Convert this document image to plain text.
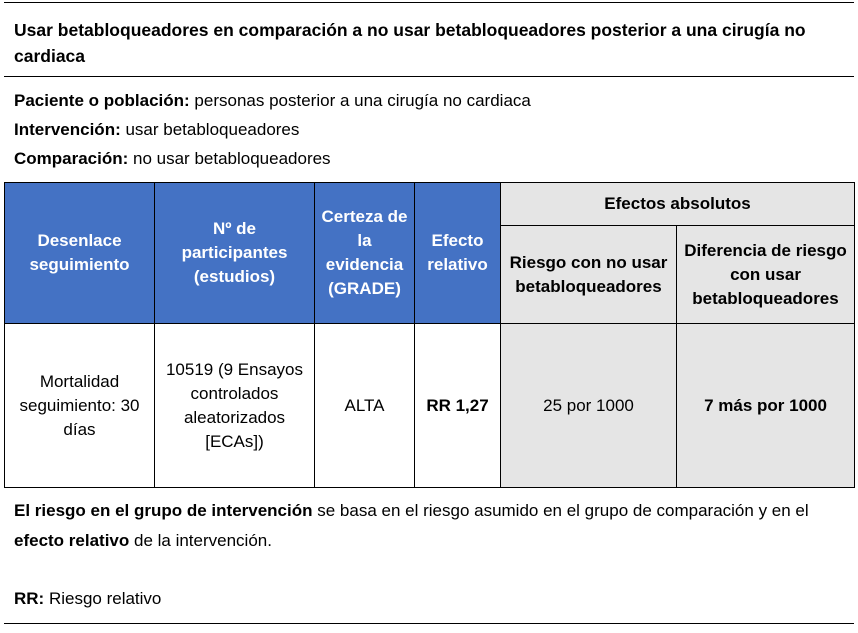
Usar betabloqueadores en comparación a no usar betabloqueadores posterior a una cirugía no cardiaca

Paciente o población: personas posterior a una cirugía no cardiaca

Intervención: usar betabloqueadores

Comparación: no usar betabloqueadores

Desenlace seguimiento	Nº de participantes (estudios)	Certeza de la evidencia (GRADE)	Efecto relativo	Efectos absolutos	
				Riesgo con no usar betabloqueadores	Diferencia de riesgo con usar betabloqueadores
Mortalidad seguimiento: 30 días	10519 (9 Ensayos controlados aleatorizados [ECAs])	ALTA	RR 1,27	25 por 1000	7 más por 1000

El riesgo en el grupo de intervención se basa en el riesgo asumido en el grupo de comparación y en el efecto relativo de la intervención.

RR: Riesgo relativo
